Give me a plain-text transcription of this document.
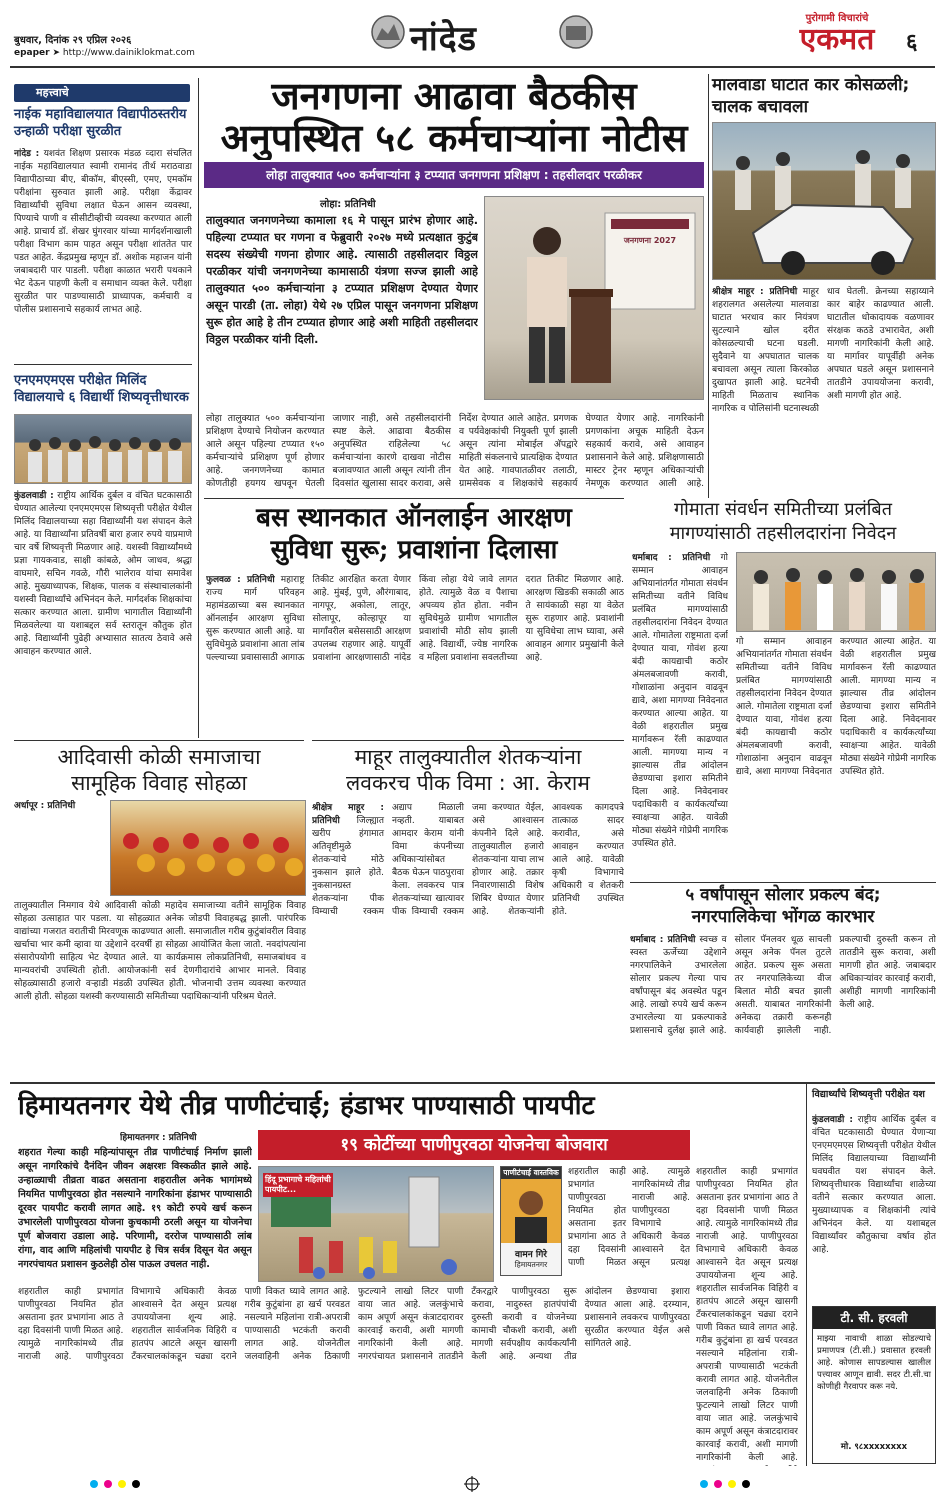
बुधवार, दिनांक २९ एप्रिल २०२६
epaper ➤ http://www.dainiklokmat.com	नांदेड
पुरोगामी विचारांचे
एकमत	६
महत्त्वाचे
नाईक महाविद्यालयात विद्यापीठस्तरीय उन्हाळी परीक्षा सुरळीत
नांदेड : यशवंत शिक्षण प्रसारक मंडळ व्दारा संचलित नाईक महाविद्यालयात स्वामी रामानंद तीर्थ मराठवाडा विद्यापीठाच्या बीए, बीकॉम, बीएस्सी, एमए, एमकॉम परीक्षांना सुरुवात झाली आहे. परीक्षा केंद्रावर विद्यार्थ्यांची सुविधा लक्षात घेऊन आसन व्यवस्था, पिण्याचे पाणी व सीसीटीव्हीची व्यवस्था करण्यात आली आहे. प्राचार्य डॉ. शेखर घुंगरवार यांच्या मार्गदर्शनाखाली परीक्षा विभाग काम पाहत असून परीक्षा शांततेत पार पडत आहेत. केंद्रप्रमुख म्हणून डॉ. अशोक महाजन यांनी जबाबदारी पार पाडली. परीक्षा काळात भरारी पथकाने भेट देऊन पाहणी केली व समाधान व्यक्त केले. परीक्षा सुरळीत पार पाडण्यासाठी प्राध्यापक, कर्मचारी व पोलीस प्रशासनाचे सहकार्य लाभत आहे.
एनएमएमएस परीक्षेत मिलिंद विद्यालयाचे ६ विद्यार्थी शिष्यवृत्तीधारक
कुंडलवाडी : राष्ट्रीय आर्थिक दुर्बल व वंचित घटकासाठी घेण्यात आलेल्या एनएमएमएस शिष्यवृत्ती परीक्षेत येथील मिलिंद विद्यालयाच्या सहा विद्यार्थ्यांनी यश संपादन केले आहे. या विद्यार्थ्यांना प्रतिवर्षी बारा हजार रुपये याप्रमाणे चार वर्षे शिष्यवृत्ती मिळणार आहे. यशस्वी विद्यार्थ्यांमध्ये प्रज्ञा गायकवाड, साक्षी कांबळे, ओम जाधव, श्रद्धा वाघमारे, सचिन गवळे, गौरी भालेराव यांचा समावेश आहे. मुख्याध्यापक, शिक्षक, पालक व संस्थाचालकांनी यशस्वी विद्यार्थ्यांचे अभिनंदन केले. मार्गदर्शक शिक्षकांचा सत्कार करण्यात आला. ग्रामीण भागातील विद्यार्थ्यांनी मिळवलेल्या या यशाबद्दल सर्व स्तरातून कौतुक होत आहे. विद्यार्थ्यांनी पुढेही अभ्यासात सातत्य ठेवावे असे आवाहन करण्यात आले.
जनगणना आढावा बैठकीस
अनुपस्थित ५८ कर्मचाऱ्यांना नोटीस
लोहा तालुक्यात ५०० कर्मचाऱ्यांना ३ टप्प्यात जनगणना प्रशिक्षण : तहसीलदार परळीकर
लोहा: प्रतिनिधी
तालुक्यात जनगणनेच्या कामाला १६ मे पासून प्रारंभ होणार आहे. पहिल्या टप्प्यात घर गणना व फेब्रुवारी २०२७ मध्ये प्रत्यक्षात कुटुंब सदस्य संख्येची गणना होणार आहे. त्यासाठी तहसीलदार विठ्ठल परळीकर यांची जनगणनेच्या कामासाठी यंत्रणा सज्ज झाली आहे तालुक्यात ५०० कर्मचाऱ्यांना ३ टप्प्यात प्रशिक्षण देण्यात येणार असून पारडी (ता. लोहा) येथे २७ एप्रिल पासून जनगणना प्रशिक्षण सुरू होत आहे हे तीन टप्प्यात होणार आहे अशी माहिती तहसीलदार विठ्ठल परळीकर यांनी दिली.
जनगणना 2027
लोहा तालुक्यात ५०० कर्मचाऱ्यांना प्रशिक्षण देण्याचे नियोजन करण्यात आले असून पहिल्या टप्प्यात १५० कर्मचाऱ्यांचे प्रशिक्षण पूर्ण होणार आहे. जनगणनेच्या कामात कोणतीही हयगय खपवून घेतली जाणार नाही, असे तहसीलदारांनी स्पष्ट केले. आढावा बैठकीस अनुपस्थित राहिलेल्या ५८ कर्मचाऱ्यांना कारणे दाखवा नोटीस बजावण्यात आली असून त्यांनी तीन दिवसांत खुलासा सादर करावा, असे निर्देश देण्यात आले आहेत. प्रगणक व पर्यवेक्षकांची नियुक्ती पूर्ण झाली असून त्यांना मोबाईल अ‍ॅपद्वारे माहिती संकलनाचे प्रात्यक्षिक देण्यात येत आहे. गावपातळीवर तलाठी, ग्रामसेवक व शिक्षकांचे सहकार्य घेण्यात येणार आहे. नागरिकांनी प्रगणकांना अचूक माहिती देऊन सहकार्य करावे, असे आवाहन प्रशासनाने केले आहे. प्रशिक्षणासाठी मास्टर ट्रेनर म्हणून अधिकाऱ्यांची नेमणूक करण्यात आली आहे.
मालवाडा घाटात कार कोसळली; चालक बचावला
श्रीक्षेत्र माहूर : प्रतिनिधी माहूर शहरालगत असलेल्या मालवाडा घाटात भरधाव कार नियंत्रण सुटल्याने खोल दरीत कोसळल्याची घटना घडली. सुदैवाने या अपघातात चालक बचावला असून त्याला किरकोळ दुखापत झाली आहे. घटनेची माहिती मिळताच स्थानिक नागरिक व पोलिसांनी घटनास्थळी धाव घेतली. क्रेनच्या सहाय्याने कार बाहेर काढण्यात आली. घाटातील धोकादायक वळणावर संरक्षक कठडे उभारावेत, अशी मागणी नागरिकांनी केली आहे. या मार्गावर यापूर्वीही अनेक अपघात घडले असून प्रशासनाने तातडीने उपाययोजना करावी, अशी मागणी होत आहे.
बस स्थानकात ऑनलाईन आरक्षण
सुविधा सुरू; प्रवाशांना दिलासा
फुलवळ : प्रतिनिधी महाराष्ट्र राज्य मार्ग परिवहन महामंडळाच्या बस स्थानकात ऑनलाईन आरक्षण सुविधा सुरू करण्यात आली आहे. या सुविधेमुळे प्रवाशांना आता लांब पल्ल्याच्या प्रवासासाठी आगाऊ तिकीट आरक्षित करता येणार आहे. मुंबई, पुणे, औरंगाबाद, नागपूर, अकोला, लातूर, सोलापूर, कोल्हापूर या मार्गांवरील बसेससाठी आरक्षण उपलब्ध राहणार आहे. यापूर्वी प्रवाशांना आरक्षणासाठी नांदेड किंवा लोहा येथे जावे लागत होते. त्यामुळे वेळ व पैशाचा अपव्यय होत होता. नवीन सुविधेमुळे ग्रामीण भागातील प्रवाशांची मोठी सोय झाली आहे. विद्यार्थी, ज्येष्ठ नागरिक व महिला प्रवाशांना सवलतीच्या दरात तिकीट मिळणार आहे. आरक्षण खिडकी सकाळी आठ ते सायंकाळी सहा या वेळेत सुरू राहणार आहे. प्रवाशांनी या सुविधेचा लाभ घ्यावा, असे आवाहन आगार प्रमुखांनी केले आहे.
गोमाता संवर्धन समितीच्या प्रलंबित
मागण्यांसाठी तहसीलदारांना निवेदन
धर्माबाद : प्रतिनिधी गो सम्मान आवाहन अभियानांतर्गत गोमाता संवर्धन समितीच्या वतीने विविध प्रलंबित मागण्यांसाठी तहसीलदारांना निवेदन देण्यात आले. गोमातेला राष्ट्रमाता दर्जा देण्यात यावा, गोवंश हत्या बंदी कायद्याची कठोर अंमलबजावणी करावी, गोशाळांना अनुदान वाढवून द्यावे, अशा मागण्या निवेदनात करण्यात आल्या आहेत. या वेळी शहरातील प्रमुख मार्गावरून रॅली काढण्यात आली. मागण्या मान्य न झाल्यास तीव्र आंदोलन छेडण्याचा इशारा समितीने दिला आहे. निवेदनावर पदाधिकारी व कार्यकर्त्यांच्या स्वाक्षऱ्या आहेत. यावेळी मोठ्या संख्येने गोप्रेमी नागरिक उपस्थित होते.
गो सम्मान आवाहन अभियानांतर्गत गोमाता संवर्धन समितीच्या वतीने विविध प्रलंबित मागण्यांसाठी तहसीलदारांना निवेदन देण्यात आले. गोमातेला राष्ट्रमाता दर्जा देण्यात यावा, गोवंश हत्या बंदी कायद्याची कठोर अंमलबजावणी करावी, गोशाळांना अनुदान वाढवून द्यावे, अशा मागण्या निवेदनात करण्यात आल्या आहेत. या वेळी शहरातील प्रमुख मार्गावरून रॅली काढण्यात आली. मागण्या मान्य न झाल्यास तीव्र आंदोलन छेडण्याचा इशारा समितीने दिला आहे. निवेदनावर पदाधिकारी व कार्यकर्त्यांच्या स्वाक्षऱ्या आहेत. यावेळी मोठ्या संख्येने गोप्रेमी नागरिक उपस्थित होते.
आदिवासी कोळी समाजाचा
सामूहिक विवाह सोहळा
अर्धापूर : प्रतिनिधी
तालुक्यातील निमगाव येथे आदिवासी कोळी महादेव समाजाच्या वतीने सामूहिक विवाह सोहळा उत्साहात पार पडला. या सोहळ्यात अनेक जोडपी विवाहबद्ध झाली. पारंपरिक वाद्यांच्या गजरात वरातीची मिरवणूक काढण्यात आली. समाजातील गरीब कुटुंबांवरील विवाह खर्चाचा भार कमी व्हावा या उद्देशाने दरवर्षी हा सोहळा आयोजित केला जातो. नवदांपत्यांना संसारोपयोगी साहित्य भेट देण्यात आले. या कार्यक्रमास लोकप्रतिनिधी, समाजबांधव व मान्यवरांची उपस्थिती होती. आयोजकांनी सर्व देणगीदारांचे आभार मानले. विवाह सोहळ्यासाठी हजारो वऱ्हाडी मंडळी उपस्थित होती. भोजनाची उत्तम व्यवस्था करण्यात आली होती. सोहळा यशस्वी करण्यासाठी समितीच्या पदाधिकाऱ्यांनी परिश्रम घेतले.
माहूर तालुक्यातील शेतकऱ्यांना
लवकरच पीक विमा : आ. केराम
श्रीक्षेत्र माहूर : प्रतिनिधी जिल्ह्यात खरीप हंगामात अतिवृष्टीमुळे शेतकऱ्यांचे मोठे नुकसान झाले होते. नुकसानग्रस्त शेतकऱ्यांना पीक विम्याची रक्कम अद्याप मिळाली नव्हती. याबाबत आमदार केराम यांनी विमा कंपनीच्या अधिकाऱ्यांसोबत बैठक घेऊन पाठपुरावा केला. लवकरच पात्र शेतकऱ्यांच्या खात्यावर पीक विम्याची रक्कम जमा करण्यात येईल, असे आश्वासन कंपनीने दिले आहे. तालुक्यातील हजारो शेतकऱ्यांना याचा लाभ होणार आहे. तक्रार निवारणासाठी विशेष शिबिर घेण्यात येणार आहे. शेतकऱ्यांनी आवश्यक कागदपत्रे तात्काळ सादर करावीत, असे आवाहन करण्यात आले आहे. यावेळी कृषी विभागाचे अधिकारी व शेतकरी प्रतिनिधी उपस्थित होते.
५ वर्षांपासून सोलार प्रकल्प बंद;
नगरपालिकेचा भोंगळ कारभार
धर्माबाद : प्रतिनिधी स्वच्छ व स्वस्त ऊर्जेच्या उद्देशाने नगरपालिकेने उभारलेला सोलार प्रकल्प गेल्या पाच वर्षांपासून बंद अवस्थेत पडून आहे. लाखो रुपये खर्च करून उभारलेल्या या प्रकल्पाकडे प्रशासनाचे दुर्लक्ष झाले आहे. सोलार पॅनलवर धूळ साचली असून अनेक पॅनल तुटले आहेत. प्रकल्प सुरू असता तर नगरपालिकेच्या वीज बिलात मोठी बचत झाली असती. याबाबत नागरिकांनी अनेकदा तक्रारी करूनही कार्यवाही झालेली नाही. प्रकल्पाची दुरुस्ती करून तो तातडीने सुरू करावा, अशी मागणी होत आहे. जबाबदार अधिकाऱ्यांवर कारवाई करावी, अशीही मागणी नागरिकांनी केली आहे.
हिमायतनगर येथे तीव्र पाणीटंचाई; हंडाभर पाण्यासाठी पायपीट
१९ कोटींच्या पाणीपुरवठा योजनेचा बोजवारा
हिमायतनगर : प्रतिनिधी
शहरात गेल्या काही महिन्यांपासून तीव्र पाणीटंचाई निर्माण झाली असून नागरिकांचे दैनंदिन जीवन अक्षरशः विस्कळीत झाले आहे. उन्हाळ्याची तीव्रता वाढत असताना शहरातील अनेक भागांमध्ये नियमित पाणीपुरवठा होत नसल्याने नागरिकांना हंडाभर पाण्यासाठी दूरवर पायपीट करावी लागत आहे. १९ कोटी रुपये खर्च करून उभारलेली पाणीपुरवठा योजना कुचकामी ठरली असून या योजनेचा पूर्ण बोजवारा उडाला आहे. परिणामी, दररोज पाण्यासाठी लांब रांगा, वाद आणि महिलांची पायपीट हे चित्र सर्वत्र दिसून येत असून नगरपंचायत प्रशासन कुठलेही ठोस पाऊल उचलत नाही.
हिंदू प्रभागाचे महिलांची पायपीट...
पाणीटंचाई वास्तविक
वामन गिरे
हिमायतनगर
शहरातील काही प्रभागांत पाणीपुरवठा नियमित होत असताना इतर प्रभागांना आठ ते दहा दिवसांनी पाणी मिळत आहे. त्यामुळे नागरिकांमध्ये तीव्र नाराजी आहे. पाणीपुरवठा विभागाचे अधिकारी केवळ आश्वासने देत असून प्रत्यक्ष
शहरातील काही प्रभागांत पाणीपुरवठा नियमित होत असताना इतर प्रभागांना आठ ते दहा दिवसांनी पाणी मिळत आहे. त्यामुळे नागरिकांमध्ये तीव्र नाराजी आहे. पाणीपुरवठा विभागाचे अधिकारी केवळ आश्वासने देत असून प्रत्यक्ष उपाययोजना शून्य आहे. शहरातील सार्वजनिक विहिरी व हातपंप आटले असून खासगी टँकरचालकांकडून चढ्या दराने पाणी विकत घ्यावे लागत आहे. गरीब कुटुंबांना हा खर्च परवडत नसल्याने महिलांना रात्री-अपरात्री पाण्यासाठी भटकंती करावी लागत आहे. योजनेतील जलवाहिनी अनेक ठिकाणी फुटल्याने लाखो लिटर पाणी वाया जात आहे. जलकुंभाचे काम अपूर्ण असून कंत्राटदारावर कारवाई करावी, अशी मागणी नागरिकांनी केली आहे. नगरपंचायत प्रशासनाने तातडीने टँकरद्वारे पाणीपुरवठा सुरू करावा, नादुरुस्त हातपंपांची दुरुस्ती करावी व योजनेच्या कामाची चौकशी करावी, अशी मागणी सर्वपक्षीय कार्यकर्त्यांनी केली आहे. अन्यथा तीव्र आंदोलन छेडण्याचा इशारा देण्यात आला आहे. दरम्यान, प्रशासनाने लवकरच पाणीपुरवठा सुरळीत करण्यात येईल असे सांगितले आहे.
शहरातील काही प्रभागांत पाणीपुरवठा नियमित होत असताना इतर प्रभागांना आठ ते दहा दिवसांनी पाणी मिळत आहे. त्यामुळे नागरिकांमध्ये तीव्र नाराजी आहे. पाणीपुरवठा विभागाचे अधिकारी केवळ आश्वासने देत असून प्रत्यक्ष उपाययोजना शून्य आहे. शहरातील सार्वजनिक विहिरी व हातपंप आटले असून खासगी टँकरचालकांकडून चढ्या दराने पाणी विकत घ्यावे लागत आहे. गरीब कुटुंबांना हा खर्च परवडत नसल्याने महिलांना रात्री-अपरात्री पाण्यासाठी भटकंती करावी लागत आहे. योजनेतील जलवाहिनी अनेक ठिकाणी फुटल्याने लाखो लिटर पाणी वाया जात आहे. जलकुंभाचे काम अपूर्ण असून कंत्राटदारावर कारवाई करावी, अशी मागणी नागरिकांनी केली आहे.
विद्यार्थ्यांचे शिष्यवृत्ती परीक्षेत यश
कुंडलवाडी : राष्ट्रीय आर्थिक दुर्बल व वंचित घटकासाठी घेण्यात येणाऱ्या एनएमएमएस शिष्यवृत्ती परीक्षेत येथील मिलिंद विद्यालयाच्या विद्यार्थ्यांनी घवघवीत यश संपादन केले. शिष्यवृत्तीधारक विद्यार्थ्यांचा शाळेच्या वतीने सत्कार करण्यात आला. मुख्याध्यापक व शिक्षकांनी त्यांचे अभिनंदन केले. या यशाबद्दल विद्यार्थ्यांवर कौतुकाचा वर्षाव होत आहे.
टी. सी. हरवली
माझ्या नावाची शाळा सोडल्याचे प्रमाणपत्र (टी.सी.) प्रवासात हरवली आहे. कोणास सापडल्यास खालील पत्त्यावर आणून द्यावी. सदर टी.सी.चा कोणीही गैरवापर करू नये.
मो. ९८xxxxxxxx
